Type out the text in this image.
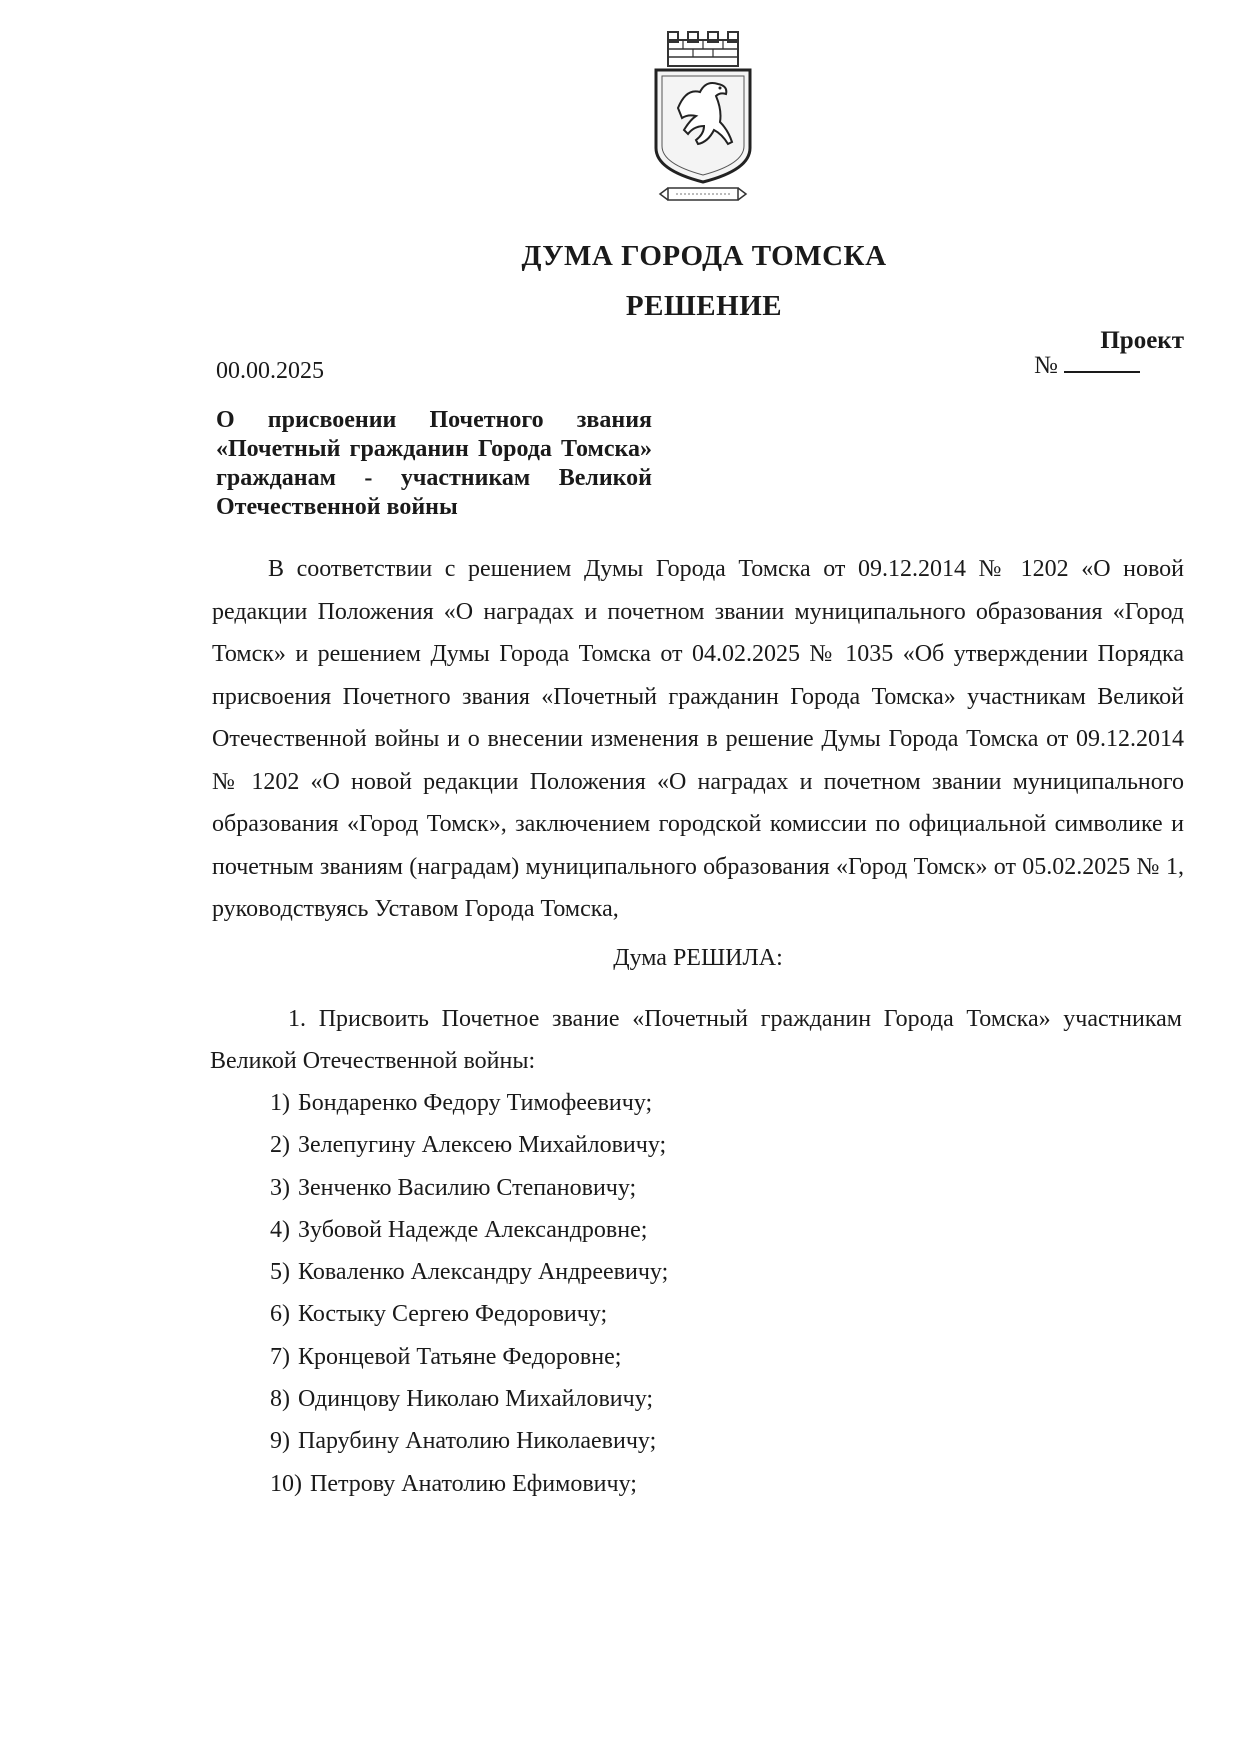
ДУМА ГОРОДА ТОМСКА
РЕШЕНИЕ
Проект
№
00.00.2025
О присвоении Почетного звания «Почетный гражданин Города Томска» гражданам - участникам Великой Отечественной войны
В соответствии с решением Думы Города Томска от 09.12.2014 № 1202 «О новой редакции Положения «О наградах и почетном звании муниципального образования «Город Томск» и решением Думы Города Томска от 04.02.2025 № 1035 «Об утверждении Порядка присвоения Почетного звания «Почетный гражданин Города Томска» участникам Великой Отечественной войны и о внесении изменения в решение Думы Города Томска от 09.12.2014 № 1202 «О новой редакции Положения «О наградах и почетном звании муниципального образования «Город Томск», заключением городской комиссии по официальной символике и почетным званиям (наградам) муниципального образования «Город Томск» от 05.02.2025 № 1, руководствуясь Уставом Города Томска,
Дума РЕШИЛА:
1. Присвоить Почетное звание «Почетный гражданин Города Томска» участникам Великой Отечественной войны:
1) Бондаренко Федору Тимофеевичу;
2) Зелепугину Алексею Михайловичу;
3) Зенченко Василию Степановичу;
4) Зубовой Надежде Александровне;
5) Коваленко Александру Андреевичу;
6) Костыку Сергею Федоровичу;
7) Кронцевой Татьяне Федоровне;
8) Одинцову Николаю Михайловичу;
9) Парубину Анатолию Николаевичу;
10) Петрову Анатолию Ефимовичу;
